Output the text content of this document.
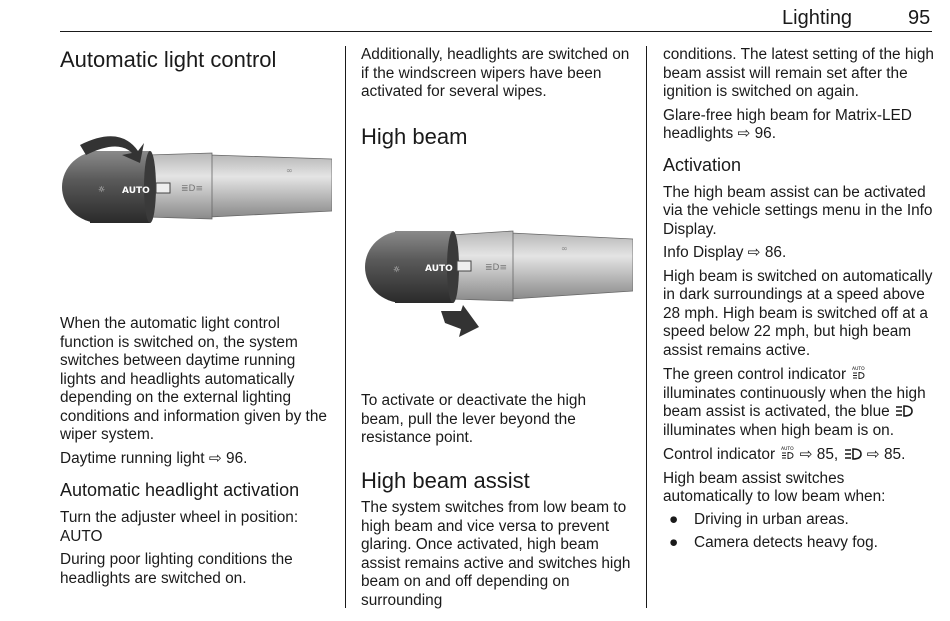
Lighting	95
Automatic light control
☼ AUTO	≣D≡
∞

When the automatic light control function is switched on, the system switches between daytime running lights and headlights automatically depending on the external lighting conditions and information given by the wiper system.

Daytime running light ⇨ 96.

Automatic headlight activation

Turn the adjuster wheel in position:

AUTO

During poor lighting conditions the headlights are switched on.

Additionally, headlights are switched on if the windscreen wipers have been activated for several wipes.

High beam
☼	AUTO	≣D≡
∞

To activate or deactivate the high beam, pull the lever beyond the resistance point.

High beam assist

The system switches from low beam to high beam and vice versa to prevent glaring. Once activated, high beam assist remains active and switches high beam on and off depending on surrounding

conditions. The latest setting of the high beam assist will remain set after the ignition is switched on again.

Glare-free high beam for Matrix-LED headlights ⇨ 96.

Activation

The high beam assist can be activated via the vehicle settings menu in the Info Display.

Info Display ⇨ 86.

High beam is switched on automatically in dark surroundings at a speed above 28 mph. High beam is switched off at a speed below 22 mph, but high beam assist remains active.

The green control indicator AUTO
illuminates continuously when the high beam assist is activated, the blue  illuminates when high beam is on.

Control indicator AUTO ⇨ 85, ⇨ 85.

High beam assist switches automatically to low beam when:

● Driving in urban areas.
● Camera detects heavy fog.
